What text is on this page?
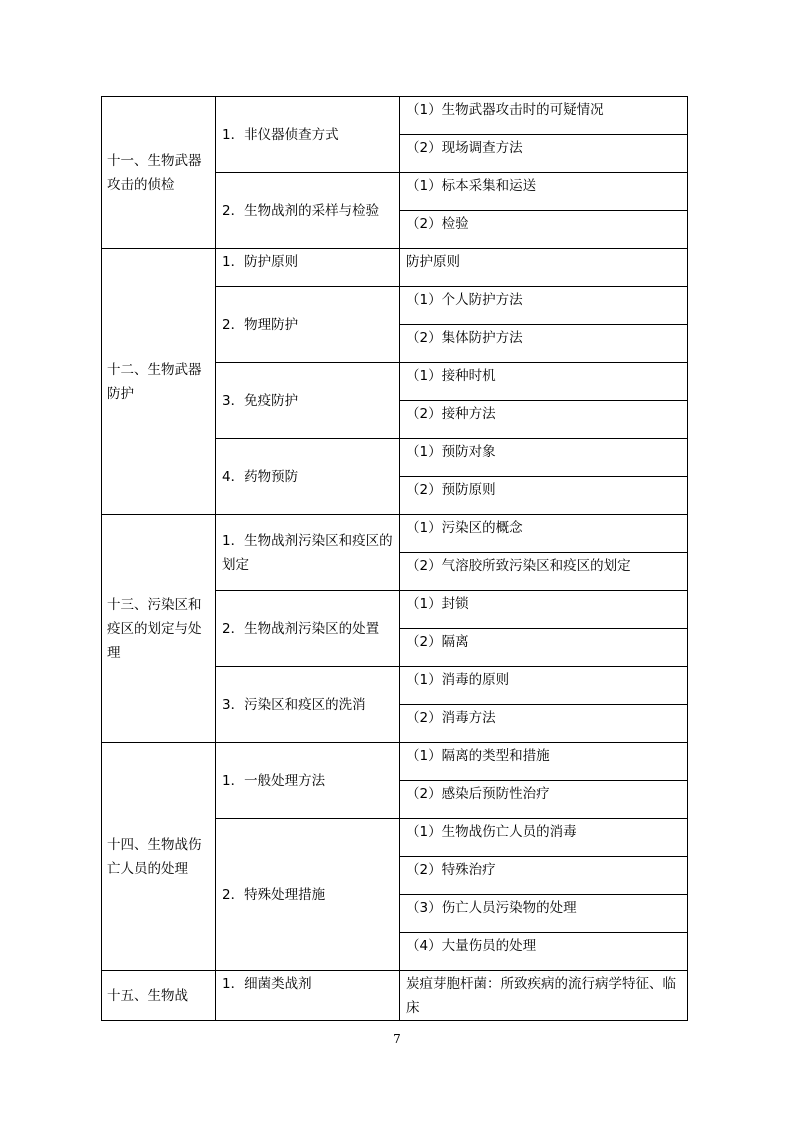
十一、生物武器攻击的侦检	1．非仪器侦查方式	（1）生物武器攻击时的可疑情况

		（2）现场调查方法

	2．生物战剂的采样与检验	（1）标本采集和运送

		（2）检验

十二、生物武器防护	1．防护原则	防护原则

	2．物理防护	（1）个人防护方法

		（2）集体防护方法

	3．免疫防护	（1）接种时机

		（2）接种方法

	4．药物预防	（1）预防对象

		（2）预防原则

十三、污染区和疫区的划定与处理	1．生物战剂污染区和疫区的划定	（1）污染区的概念

		（2）气溶胶所致污染区和疫区的划定

	2．生物战剂污染区的处置	（1）封锁

		（2）隔离

	3．污染区和疫区的洗消	（1）消毒的原则

		（2）消毒方法

十四、生物战伤亡人员的处理	1．一般处理方法	（1）隔离的类型和措施

		（2）感染后预防性治疗

	2．特殊处理措施	（1）生物战伤亡人员的消毒

		（2）特殊治疗

		（3）伤亡人员污染物的处理

		（4）大量伤员的处理

十五、生物战	1．细菌类战剂	炭疽芽胞杆菌：所致疾病的流行病学特征、临床
7
